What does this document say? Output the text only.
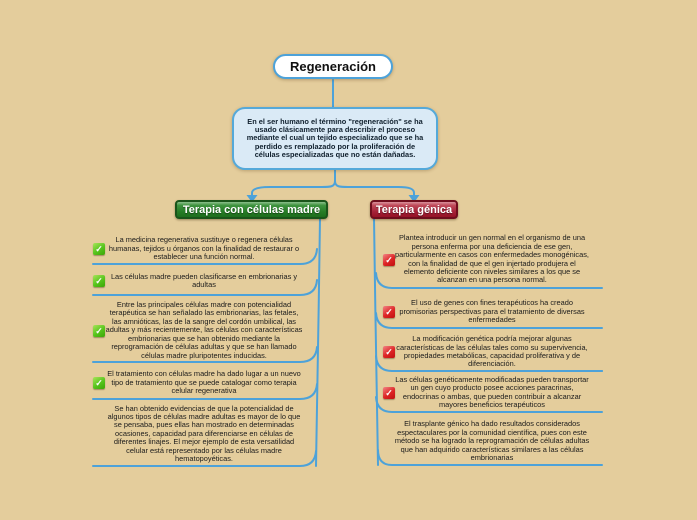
Regeneración
En el ser humano el término "regeneración" se ha usado clásicamente para describir el proceso mediante el cual un tejido especializado que se ha perdido es remplazado por la proliferación de células especializadas que no están dañadas.
Terapia con células madre	Terapia génica
✓
La medicina regenerativa sustituye o regenera células humanas, tejidos u órganos con la finalidad de restaurar o establecer una función normal.
✓
Las células madre pueden clasificarse en embrionarias y adultas
✓
Entre las principales células madre con potencialidad terapéutica se han señalado las embrionarias, las fetales, las amnióticas, las de la sangre del cordón umbilical, las adultas y más recientemente, las células con características embrionarias que se han obtenido mediante la reprogramación de células adultas y que se han llamado células madre pluripotentes inducidas.
✓
El tratamiento con células madre ha dado lugar a un nuevo tipo de tratamiento que se puede catalogar como terapia celular regenerativa
Se han obtenido evidencias de que la potencialidad de algunos tipos de células madre adultas es mayor de lo que se pensaba, pues ellas han mostrado en determinadas ocasiones, capacidad para diferenciarse en células de diferentes linajes. El mejor ejemplo de esta versatilidad celular está representado por las células madre hematopoyéticas.
✓
Plantea introducir un gen normal en el organismo de una persona enferma por una deficiencia de ese gen, particularmente en casos con enfermedades monogénicas, con la finalidad de que el gen injertado produjera el elemento deficiente con niveles similares a los que se alcanzan en una persona normal.
✓
El uso de genes con fines terapéuticos ha creado promisorias perspectivas para el tratamiento de diversas enfermedades
✓
La modificación genética podría mejorar algunas características de las células tales como su supervivencia, propiedades metabólicas, capacidad proliferativa y de diferenciación.
✓
Las células genéticamente modificadas pueden transportar un gen cuyo producto posee acciones paracrinas, endocrinas o ambas, que pueden contribuir a alcanzar mayores beneficios terapéuticos
El trasplante génico ha dado resultados considerados espectaculares por la comunidad científica, pues con este método se ha logrado la reprogramación de células adultas que han adquirido características similares a las células embrionarias
